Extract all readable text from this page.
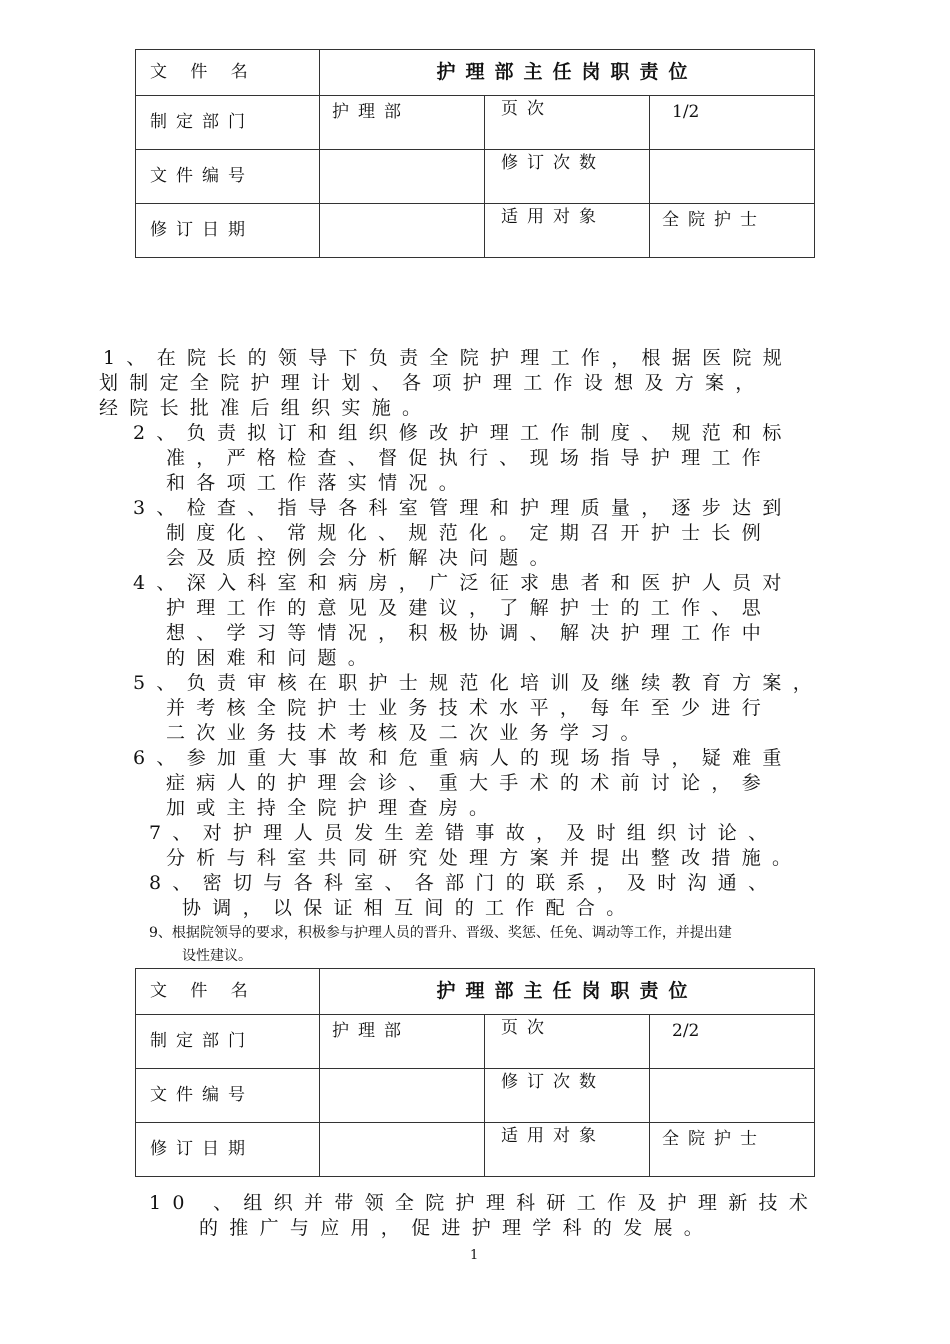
文 件 名	护理部主任岗职责位		
制定部门	护理部	页次	1/2
文件编号		修订次数	
修订日期		适用对象	全院护士
1、在院长的领导下负责全院护理工作，根据医院规
划制定全院护理计划、各项护理工作设想及方案，
经院长批准后组织实施。
2、负责拟订和组织修改护理工作制度、规范和标
准，严格检查、督促执行、现场指导护理工作
和各项工作落实情况。
3、检查、指导各科室管理和护理质量，逐步达到
制度化、常规化、规范化。定期召开护士长例
会及质控例会分析解决问题。
4、深入科室和病房，广泛征求患者和医护人员对
护理工作的意见及建议，了解护士的工作、思
想、学习等情况，积极协调、解决护理工作中
的困难和问题。
5、负责审核在职护士规范化培训及继续教育方案，
并考核全院护士业务技术水平，每年至少进行
二次业务技术考核及二次业务学习。
6、参加重大事故和危重病人的现场指导，疑难重
症病人的护理会诊、重大手术的术前讨论，参
加或主持全院护理查房。
7、对护理人员发生差错事故，及时组织讨论、
分析与科室共同研究处理方案并提出整改措施。
8、密切与各科室、各部门的联系，及时沟通、
协调，以保证相互间的工作配合。
9、根据院领导的要求，积极参与护理人员的晋升、晋级、奖惩、任免、调动等工作，并提出建
设性建议。
文 件 名	护理部主任岗职责位		
制定部门	护理部	页次	2/2
文件编号		修订次数	
修订日期		适用对象	全院护士
10 、组织并带领全院护理科研工作及护理新技术
的推广与应用，促进护理学科的发展。
1
